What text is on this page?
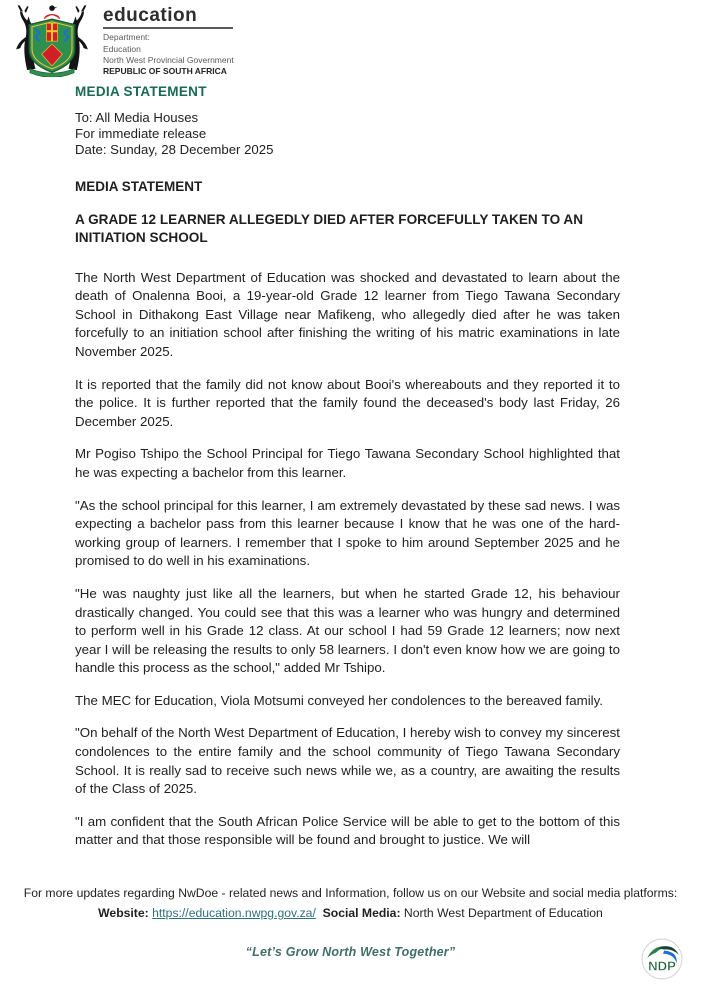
education
Department:
Education
North West Provincial Government
REPUBLIC OF SOUTH AFRICA
MEDIA STATEMENT
To: All Media Houses
For immediate release
Date: Sunday, 28 December 2025
MEDIA STATEMENT
A GRADE 12 LEARNER ALLEGEDLY DIED AFTER FORCEFULLY TAKEN TO AN INITIATION SCHOOL

The North West Department of Education was shocked and devastated to learn about the death of Onalenna Booi, a 19-year-old Grade 12 learner from Tiego Tawana Secondary School in Dithakong East Village near Mafikeng, who allegedly died after he was taken forcefully to an initiation school after finishing the writing of his matric examinations in late November 2025.

It is reported that the family did not know about Booi's whereabouts and they reported it to the police. It is further reported that the family found the deceased's body last Friday, 26 December 2025.

Mr Pogiso Tshipo the School Principal for Tiego Tawana Secondary School highlighted that he was expecting a bachelor from this learner.

"As the school principal for this learner, I am extremely devastated by these sad news. I was expecting a bachelor pass from this learner because I know that he was one of the hard-working group of learners. I remember that I spoke to him around September 2025 and he promised to do well in his examinations.

"He was naughty just like all the learners, but when he started Grade 12, his behaviour drastically changed. You could see that this was a learner who was hungry and determined to perform well in his Grade 12 class. At our school I had 59 Grade 12 learners; now next year I will be releasing the results to only 58 learners. I don't even know how we are going to handle this process as the school," added Mr Tshipo.

The MEC for Education, Viola Motsumi conveyed her condolences to the bereaved family.

"On behalf of the North West Department of Education, I hereby wish to convey my sincerest condolences to the entire family and the school community of Tiego Tawana Secondary School. It is really sad to receive such news while we, as a country, are awaiting the results of the Class of 2025.

"I am confident that the South African Police Service will be able to get to the bottom of this matter and that those responsible will be found and brought to justice. We will

For more updates regarding NwDoe - related news and Information, follow us on our Website and social media platforms:
Website: https://education.nwpg.gov.za/ Social Media: North West Department of Education
“Let’s Grow North West Together”
NDP
